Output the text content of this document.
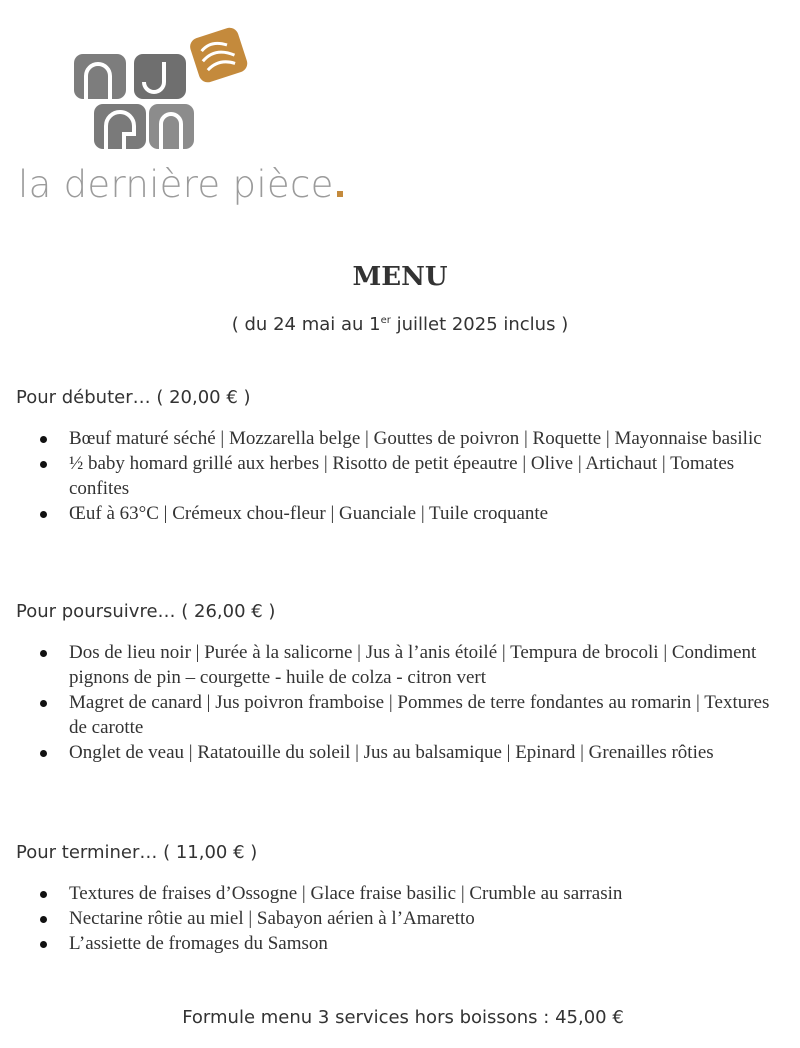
la dernière pièce
MENU
( du 24 mai au 1er juillet 2025 inclus )
Pour débuter… ( 20,00 € )
Bœuf maturé séché | Mozzarella belge | Gouttes de poivron | Roquette | Mayonnaise basilic
½ baby homard grillé aux herbes | Risotto de petit épeautre | Olive | Artichaut | Tomates confites
Œuf à 63°C | Crémeux chou-fleur | Guanciale | Tuile croquante
Pour poursuivre… ( 26,00 € )
Dos de lieu noir | Purée à la salicorne | Jus à l’anis étoilé | Tempura de brocoli | Condiment pignons de pin – courgette - huile de colza - citron vert
Magret de canard | Jus poivron framboise | Pommes de terre fondantes au romarin | Textures de carotte
Onglet de veau | Ratatouille du soleil | Jus au balsamique | Epinard | Grenailles rôties
Pour terminer… ( 11,00 € )
Textures de fraises d’Ossogne | Glace fraise basilic | Crumble au sarrasin
Nectarine rôtie au miel | Sabayon aérien à l’Amaretto
L’assiette de fromages du Samson
Formule menu 3 services hors boissons : 45,00 €
